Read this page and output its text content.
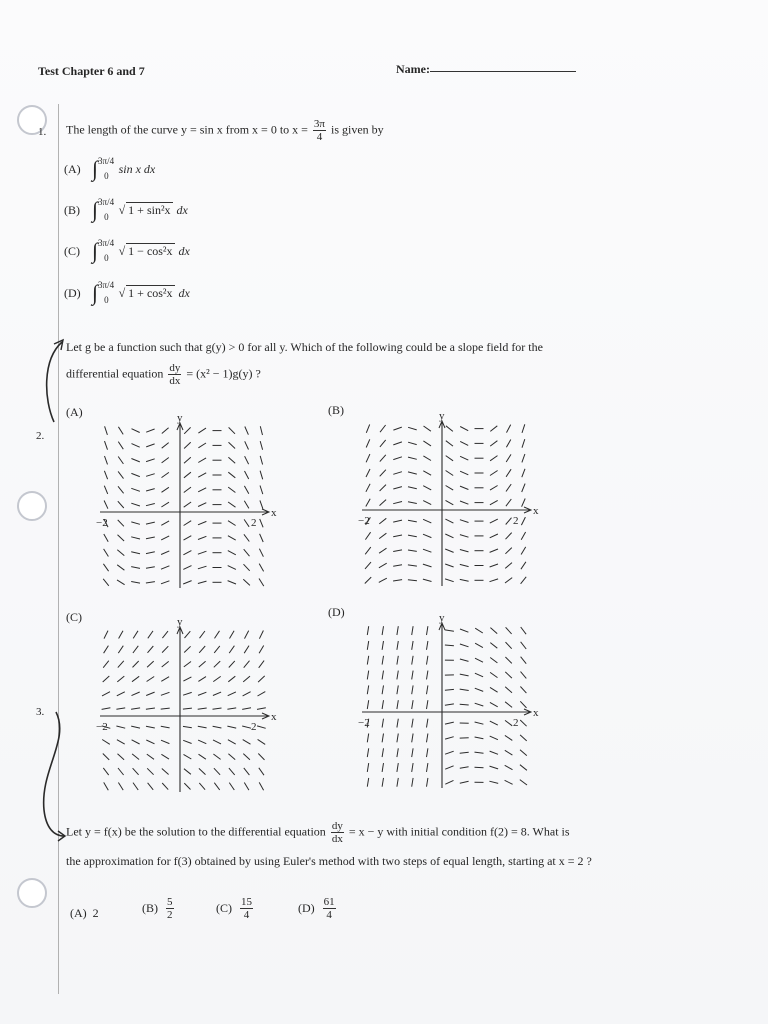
Test Chapter 6 and 7	Name:
1. The length of the curve y = sin x from x = 0 to $x = \frac{3\pi}{4}$ is given by
(A) ∫ 3π/4
0
sin x dx
(B) ∫ 3π/4
0
√ 1 + sin²x dx
(C) ∫ 3π/4
0
√ 1 − cos²x dx
(D) ∫ 3π/4
0
√ 1 + cos²x dx
2.
Let g be a function such that g(y) > 0 for all y. Which of the following could be a slope field for the
differential equation $\frac{dy}{dx} = (x^2 - 1)g(y)$ ?
(A)	(B)
(C)	(D)
y
x
−2	2
y
x
−2	2
y
x
−2	2
y
x
−2	2
3.
Let y = f(x) be the solution to the differential equation $\frac{dy}{dx} = x - y$ with initial condition f(2) = 8. What is
the approximation for f(3) obtained by using Euler's method with two steps of equal length, starting at x = 2 ?
(A) 2	$(B) \frac{5}{2}$	$(C) \frac{15}{4}$	$(D) \frac{61}{4}$
